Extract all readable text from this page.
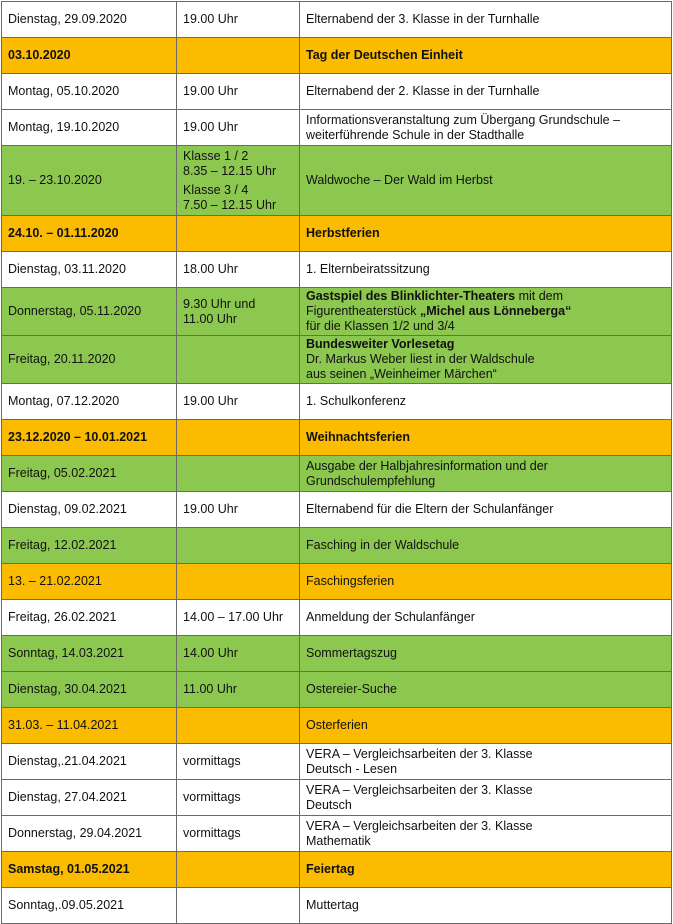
Dienstag, 29.09.2020	19.00 Uhr	Elternabend der 3. Klasse in der Turnhalle
03.10.2020		Tag der Deutschen Einheit
Montag, 05.10.2020	19.00 Uhr	Elternabend der 2. Klasse in der Turnhalle
Montag, 19.10.2020	19.00 Uhr	Informationsveranstaltung zum Übergang Grundschule –
weiterführende Schule in der Stadthalle

19. – 23.10.2020	Klasse 1 / 2
8.35 – 12.15 Uhr
Klasse 3 / 4
7.50 – 12.15 Uhr	Waldwoche – Der Wald im Herbst
24.10. – 01.11.2020		Herbstferien
Dienstag, 03.11.2020	18.00 Uhr	1. Elternbeiratssitzung
Donnerstag, 05.11.2020	9.30 Uhr und
11.00 Uhr	Gastspiel des Blinklichter-Theaters mit dem
Figurentheaterstück „Michel aus Lönneberga“
für die Klassen 1/2 und 3/4

Freitag, 20.11.2020		Bundesweiter Vorlesetag
Dr. Markus Weber liest in der Waldschule
aus seinen „Weinheimer Märchen“

Montag, 07.12.2020	19.00 Uhr	1. Schulkonferenz
23.12.2020 – 10.01.2021		Weihnachtsferien
Freitag, 05.02.2021		Ausgabe der Halbjahresinformation und der
Grundschulempfehlung

Dienstag, 09.02.2021	19.00 Uhr	Elternabend für die Eltern der Schulanfänger
Freitag, 12.02.2021		Fasching in der Waldschule
13. – 21.02.2021		Faschingsferien
Freitag, 26.02.2021	14.00 – 17.00 Uhr	Anmeldung der Schulanfänger
Sonntag, 14.03.2021	14.00 Uhr	Sommertagszug
Dienstag, 30.04.2021	11.00 Uhr	Ostereier-Suche
31.03. – 11.04.2021		Osterferien
Dienstag,.21.04.2021	vormittags	VERA – Vergleichsarbeiten der 3. Klasse
Deutsch - Lesen

Dienstag, 27.04.2021	vormittags	VERA – Vergleichsarbeiten der 3. Klasse
Deutsch

Donnerstag, 29.04.2021	vormittags	VERA – Vergleichsarbeiten der 3. Klasse
Mathematik

Samstag, 01.05.2021		Feiertag
Sonntag,.09.05.2021		Muttertag
